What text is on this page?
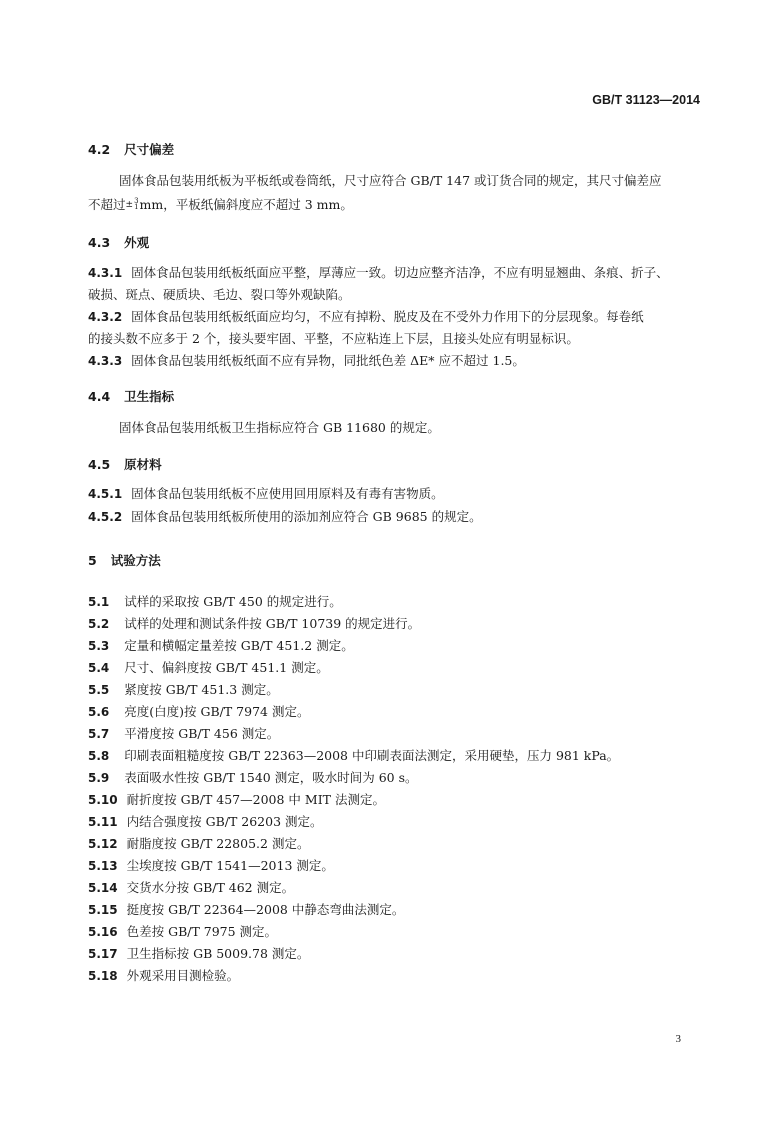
GB/T 31123—2014
4.2 尺寸偏差
固体食品包装用纸板为平板纸或卷筒纸，尺寸应符合 GB/T 147 或订货合同的规定，其尺寸偏差应
不超过± 3
1 mm，平板纸偏斜度应不超过 3 mm。
4.3 外观
4.3.1 固体食品包装用纸板纸面应平整，厚薄应一致。切边应整齐洁净，不应有明显翘曲、条痕、折子、
破损、斑点、硬质块、毛边、裂口等外观缺陷。
4.3.2 固体食品包装用纸板纸面应均匀，不应有掉粉、脱皮及在不受外力作用下的分层现象。每卷纸
的接头数不应多于 2 个，接头要牢固、平整，不应粘连上下层，且接头处应有明显标识。
4.3.3 固体食品包装用纸板纸面不应有异物，同批纸色差 ΔE* 应不超过 1.5。
4.4 卫生指标
固体食品包装用纸板卫生指标应符合 GB 11680 的规定。
4.5 原材料
4.5.1 固体食品包装用纸板不应使用回用原料及有毒有害物质。
4.5.2 固体食品包装用纸板所使用的添加剂应符合 GB 9685 的规定。
5 试验方法
5.1 试样的采取按 GB/T 450 的规定进行。
5.2 试样的处理和测试条件按 GB/T 10739 的规定进行。
5.3 定量和横幅定量差按 GB/T 451.2 测定。
5.4 尺寸、偏斜度按 GB/T 451.1 测定。
5.5 紧度按 GB/T 451.3 测定。
5.6 亮度(白度)按 GB/T 7974 测定。
5.7 平滑度按 GB/T 456 测定。
5.8 印刷表面粗糙度按 GB/T 22363—2008 中印刷表面法测定，采用硬垫，压力 981 kPa。
5.9 表面吸水性按 GB/T 1540 测定，吸水时间为 60 s。
5.10 耐折度按 GB/T 457—2008 中 MIT 法测定。
5.11 内结合强度按 GB/T 26203 测定。
5.12 耐脂度按 GB/T 22805.2 测定。
5.13 尘埃度按 GB/T 1541—2013 测定。
5.14 交货水分按 GB/T 462 测定。
5.15 挺度按 GB/T 22364—2008 中静态弯曲法测定。
5.16 色差按 GB/T 7975 测定。
5.17 卫生指标按 GB 5009.78 测定。
5.18 外观采用目测检验。
3
